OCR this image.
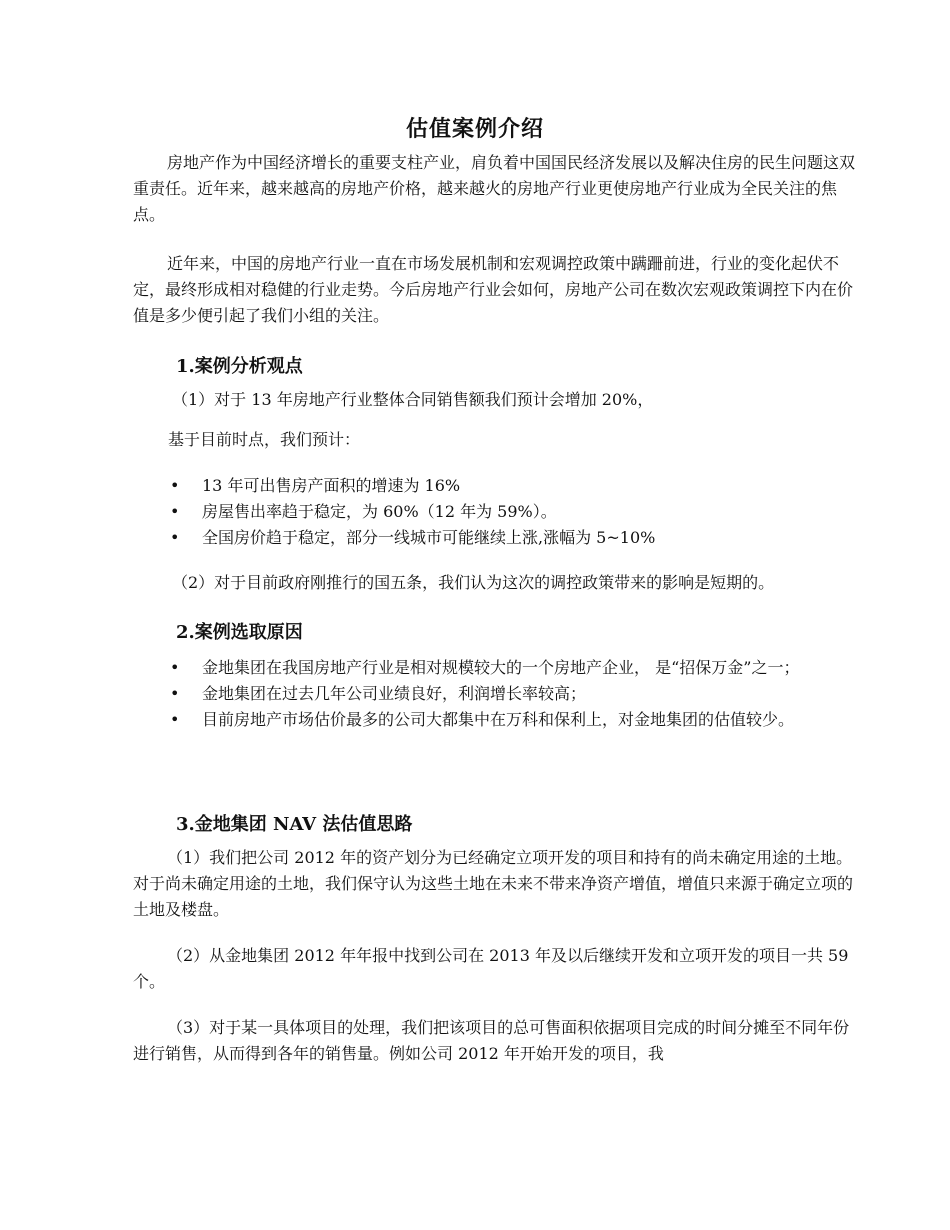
估值案例介绍

房地产作为中国经济增长的重要支柱产业，肩负着中国国民经济发展以及解决住房的民生问题这双重责任。近年来，越来越高的房地产价格，越来越火的房地产行业更使房地产行业成为全民关注的焦点。

近年来，中国的房地产行业一直在市场发展机制和宏观调控政策中蹒跚前进，行业的变化起伏不定，最终形成相对稳健的行业走势。今后房地产行业会如何，房地产公司在数次宏观政策调控下内在价值是多少便引起了我们小组的关注。

1.案例分析观点

（1）对于 13 年房地产行业整体合同销售额我们预计会增加 20%，

基于目前时点，我们预计：

• 13 年可出售房产面积的增速为 16%
• 房屋售出率趋于稳定，为 60%（12 年为 59%）。
• 全国房价趋于稳定，部分一线城市可能继续上涨,涨幅为 5~10%

（2）对于目前政府刚推行的国五条，我们认为这次的调控政策带来的影响是短期的。

2.案例选取原因
• 金地集团在我国房地产行业是相对规模较大的一个房地产企业， 是“招保万金”之一；
• 金地集团在过去几年公司业绩良好，利润增长率较高；
• 目前房地产市场估价最多的公司大都集中在万科和保利上，对金地集团的估值较少。
3.金地集团 NAV 法估值思路

（1）我们把公司 2012 年的资产划分为已经确定立项开发的项目和持有的尚未确定用途的土地。对于尚未确定用途的土地，我们保守认为这些土地在未来不带来净资产增值，增值只来源于确定立项的土地及楼盘。

（2）从金地集团 2012 年年报中找到公司在 2013 年及以后继续开发和立项开发的项目一共 59 个。

（3）对于某一具体项目的处理，我们把该项目的总可售面积依据项目完成的时间分摊至不同年份进行销售，从而得到各年的销售量。例如公司 2012 年开始开发的项目，我
